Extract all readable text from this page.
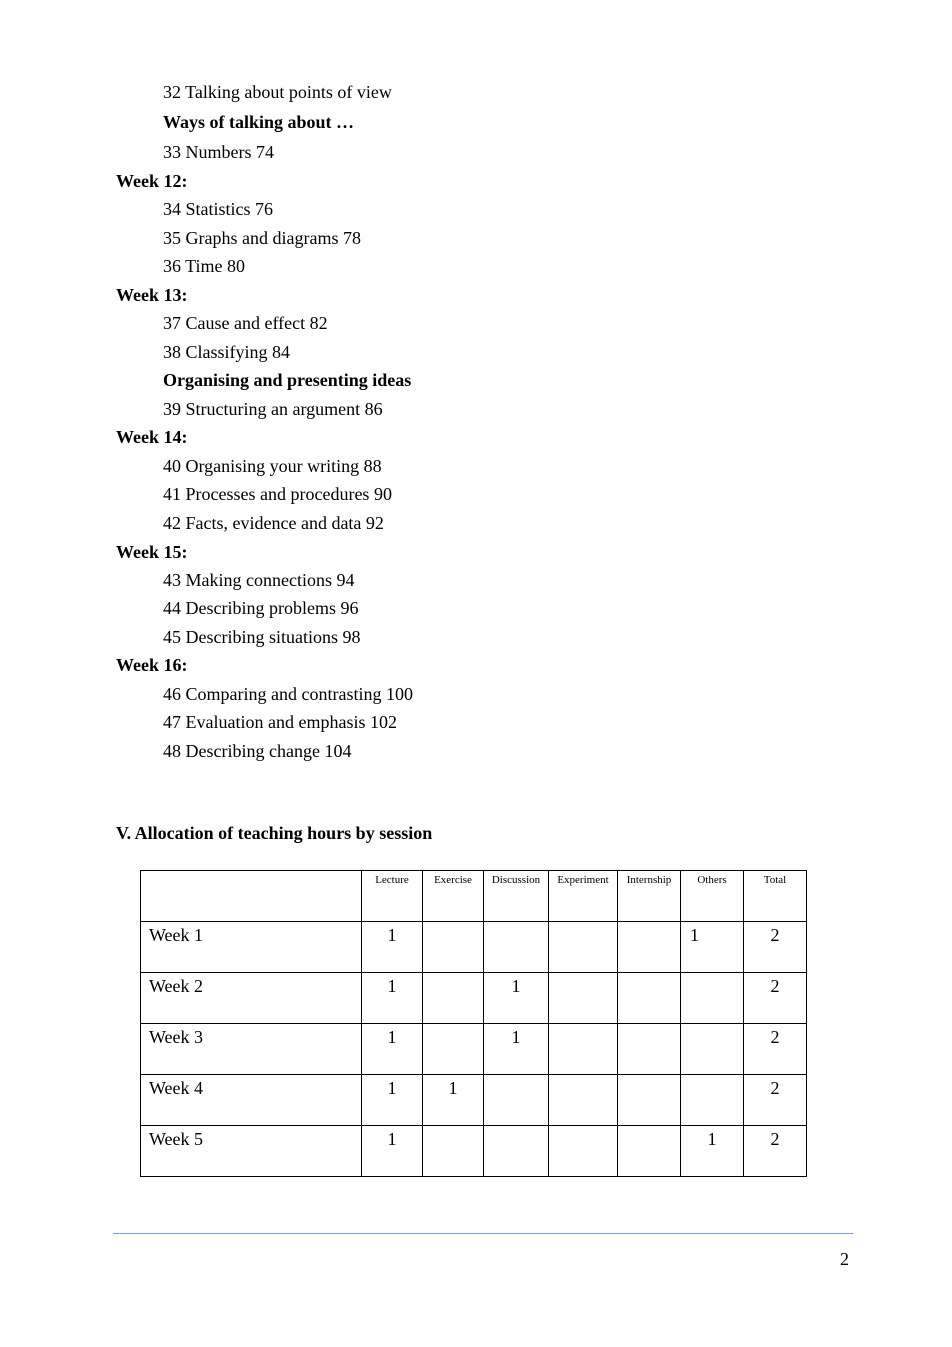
32 Talking about points of view
Ways of talking about …
33 Numbers 74
Week 12:
34 Statistics 76
35 Graphs and diagrams 78
36 Time 80
Week 13:
37 Cause and effect 82
38 Classifying 84
Organising and presenting ideas
39 Structuring an argument 86
Week 14:
40 Organising your writing 88
41 Processes and procedures 90
42 Facts, evidence and data 92
Week 15:
43 Making connections 94
44 Describing problems 96
45 Describing situations 98
Week 16:
46 Comparing and contrasting 100
47 Evaluation and emphasis 102
48 Describing change 104
V. Allocation of teaching hours by session
	Lecture	Exercise	Discussion	Experiment	Internship	Others	Total
Week 1	1					1	2
Week 2	1		1				2
Week 3	1		1				2
Week 4	1	1					2
Week 5	1					1	2
2
